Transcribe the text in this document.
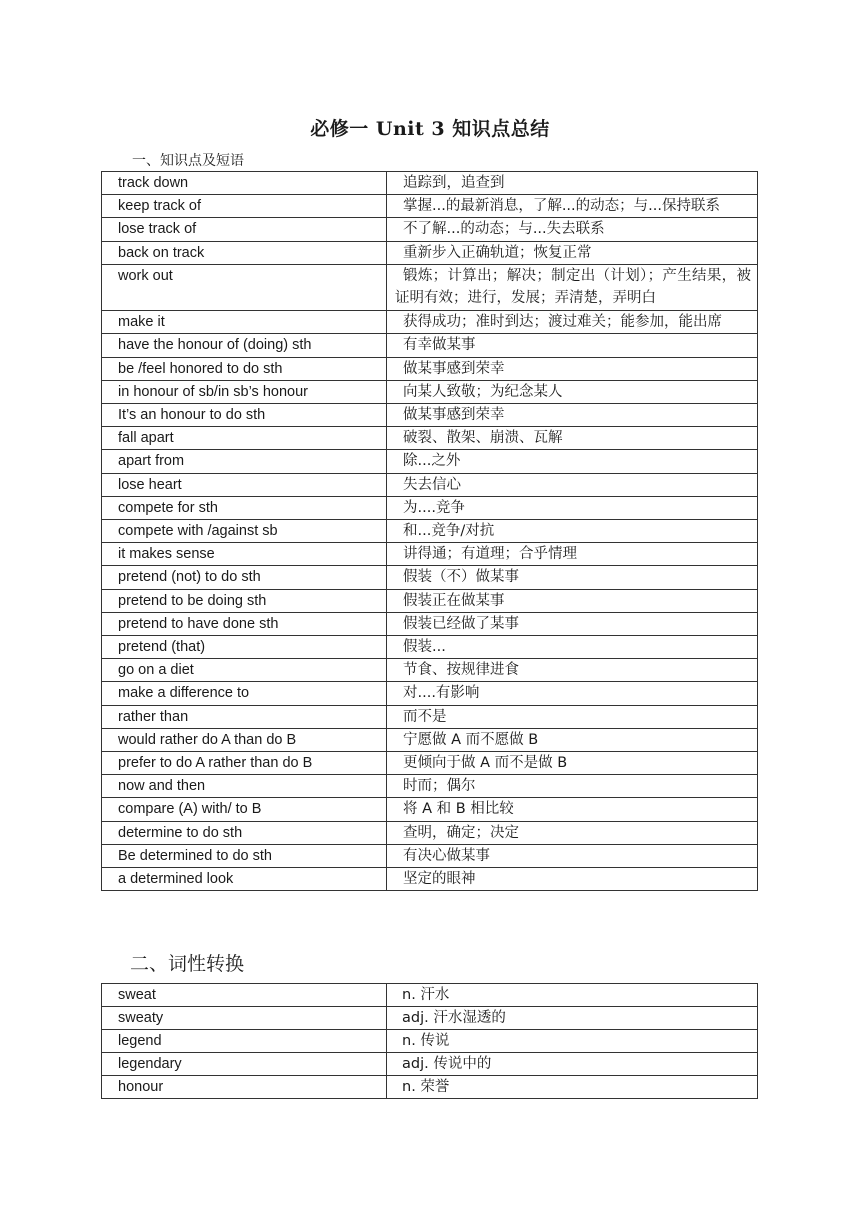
必修一 Unit 3 知识点总结
一、知识点及短语
track down	追踪到，追查到

keep track of	掌握...的最新消息，了解...的动态；与...保持联系

lose track of	不了解...的动态；与...失去联系

back on track	重新步入正确轨道；恢复正常

work out	锻炼；计算出；解决；制定出（计划）；产生结果，被证明有效；进行，发展；弄清楚，弄明白

make it	获得成功；准时到达；渡过难关；能参加，能出席

have the honour of (doing) sth	有幸做某事

be /feel honored to do sth	做某事感到荣幸

in honour of sb/in sb’s honour	向某人致敬；为纪念某人

It’s an honour to do sth	做某事感到荣幸

fall apart	破裂、散架、崩溃、瓦解

apart from	除...之外

lose heart	失去信心

compete for sth	为....竞争

compete with /against sb	和...竞争/对抗

it makes sense	讲得通；有道理；合乎情理

pretend (not) to do sth	假装（不）做某事

pretend to be doing sth	假装正在做某事

pretend to have done sth	假装已经做了某事

pretend (that)	假装...

go on a diet	节食、按规律进食

make a difference to	对....有影响

rather than	而不是

would rather do A than do B	宁愿做 A 而不愿做 B

prefer to do A rather than do B	更倾向于做 A 而不是做 B

now and then	时而；偶尔

compare (A) with/ to B	将 A 和 B 相比较

determine to do sth	查明，确定；决定

Be determined to do sth	有决心做某事

a determined look	坚定的眼神
二、词性转换
sweat	n. 汗水

sweaty	adj. 汗水湿透的

legend	n. 传说

legendary	adj. 传说中的

honour	n. 荣誉
